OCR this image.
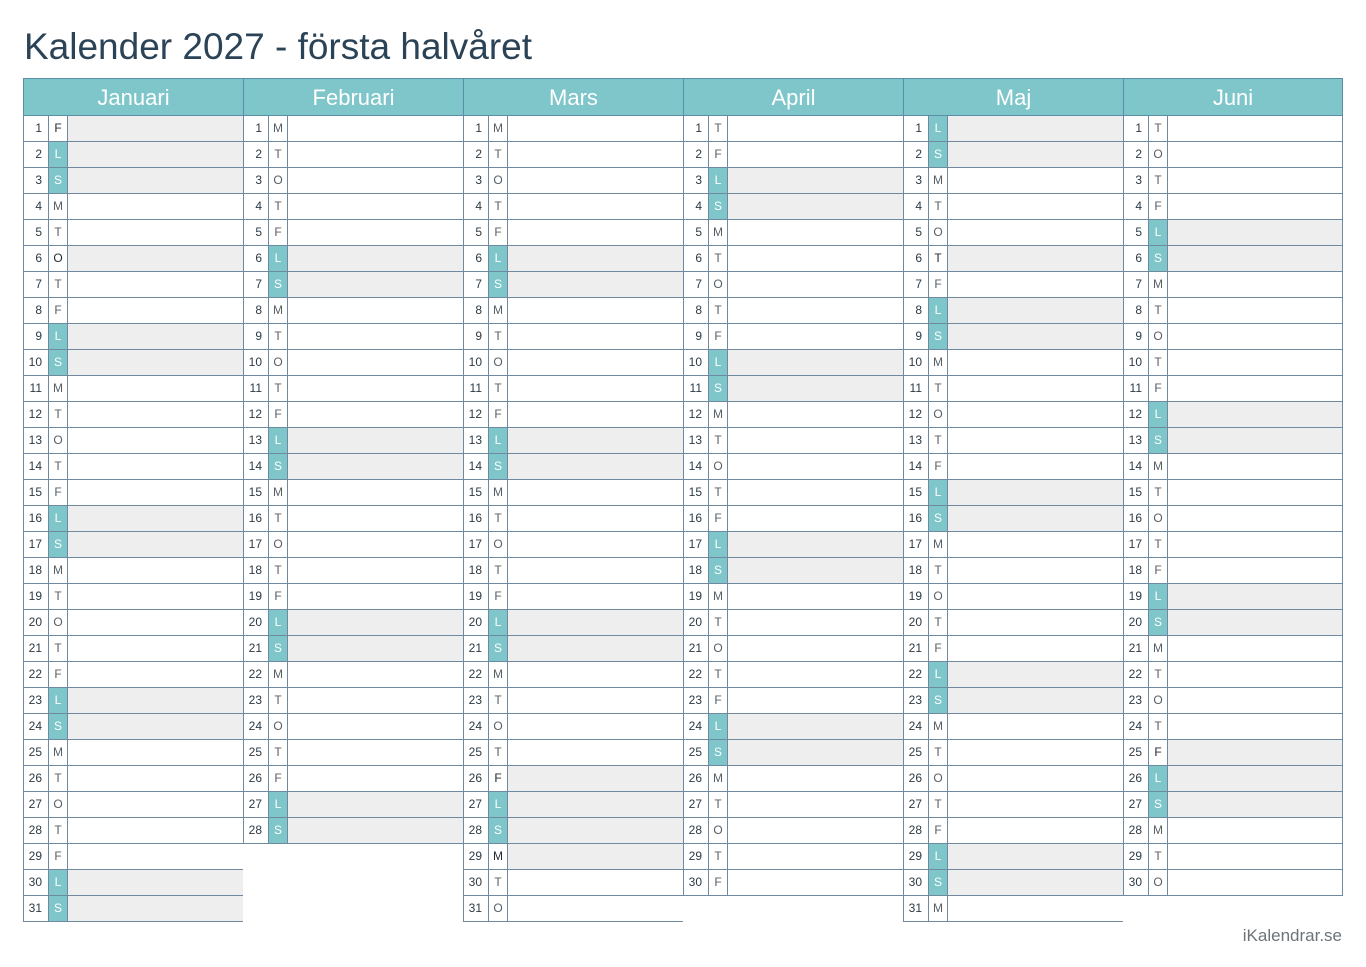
Kalender 2027 - första halvåret
Januari
1	F
2	L
3 S
4 M
5	T
6 O
7	T
8	F
9	L
10 S
11 M
12	T
13 O
14	T
15	F
16	L
17 S
18 M
19	T
20 O
21	T
22	F
23	L
24 S
25 M
26	T
27 O
28	T
29	F
30	L
31 S
Februari
1 M
2	T
3 O
4	T
5	F
6	L
7 S
8 M
9	T
10 O
11	T
12	F
13	L
14 S
15 M
16	T
17 O
18	T
19	F
20	L
21 S
22 M
23	T
24 O
25	T
26	F
27	L
28 S
Mars
1 M
2	T
3 O
4	T
5	F
6	L
7 S
8 M
9	T
10 O
11	T
12	F
13	L
14 S
15 M
16	T
17 O
18	T
19	F
20	L
21 S
22 M
23	T
24 O
25	T
26	F
27	L
28 S
29 M
30	T
31 O
April
1	T
2	F
3	L
4 S
5 M
6	T
7 O
8	T
9	F
10	L
11 S
12 M
13	T
14 O
15	T
16	F
17	L
18 S
19 M
20	T
21 O
22	T
23	F
24	L
25 S
26 M
27	T
28 O
29	T
30	F
Maj
1	L
2 S
3 M
4	T
5 O
6	T
7	F
8	L
9 S
10 M
11	T
12 O
13	T
14	F
15	L
16 S
17 M
18	T
19 O
20	T
21	F
22	L
23 S
24 M
25	T
26 O
27	T
28	F
29	L
30 S
31 M
Juni
1	T
2 O
3	T
4	F
5	L
6 S
7 M
8	T
9 O
10	T
11	F
12	L
13 S
14 M
15	T
16 O
17	T
18	F
19	L
20 S
21 M
22	T
23 O
24	T
25	F
26	L
27 S
28 M
29	T
30 O
iKalendrar.se
